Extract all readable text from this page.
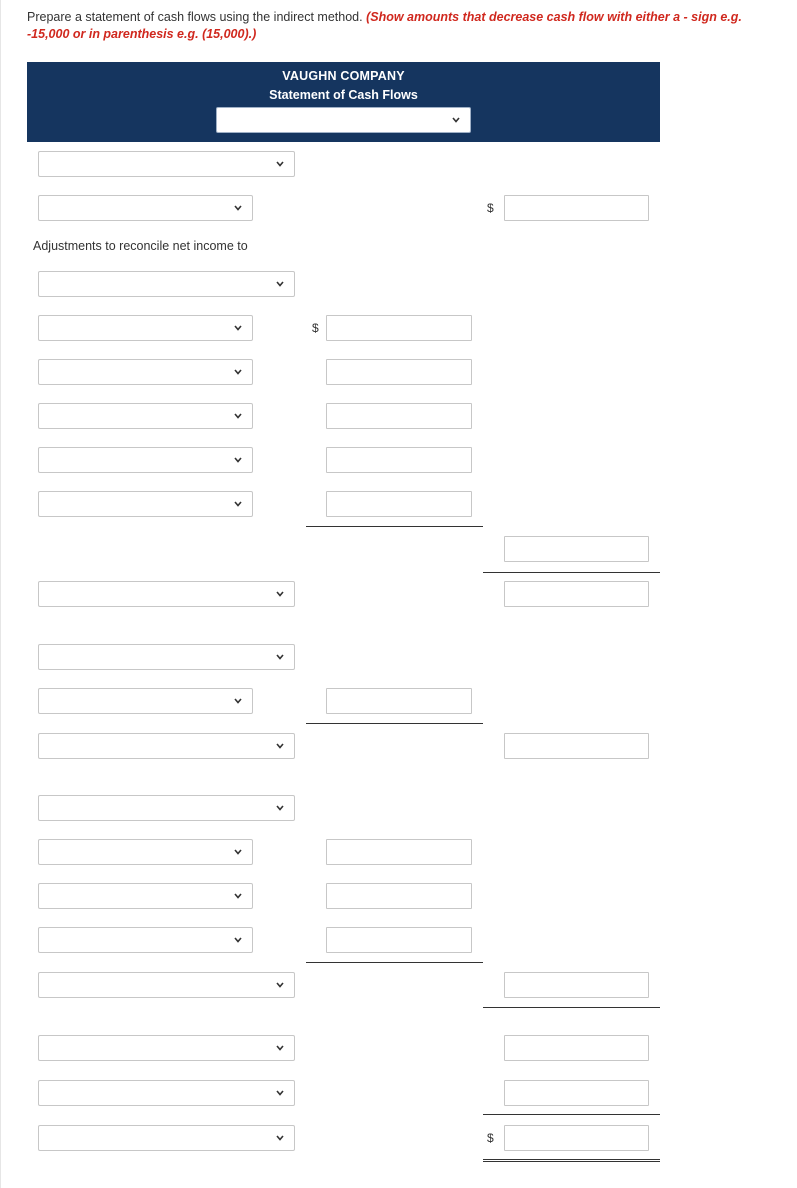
Prepare a statement of cash flows using the indirect method. (Show amounts that decrease cash flow with either a - sign e.g. -15,000 or in parenthesis e.g. (15,000).)
VAUGHN COMPANY
Statement of Cash Flows
$
Adjustments to reconcile net income to
$
$
